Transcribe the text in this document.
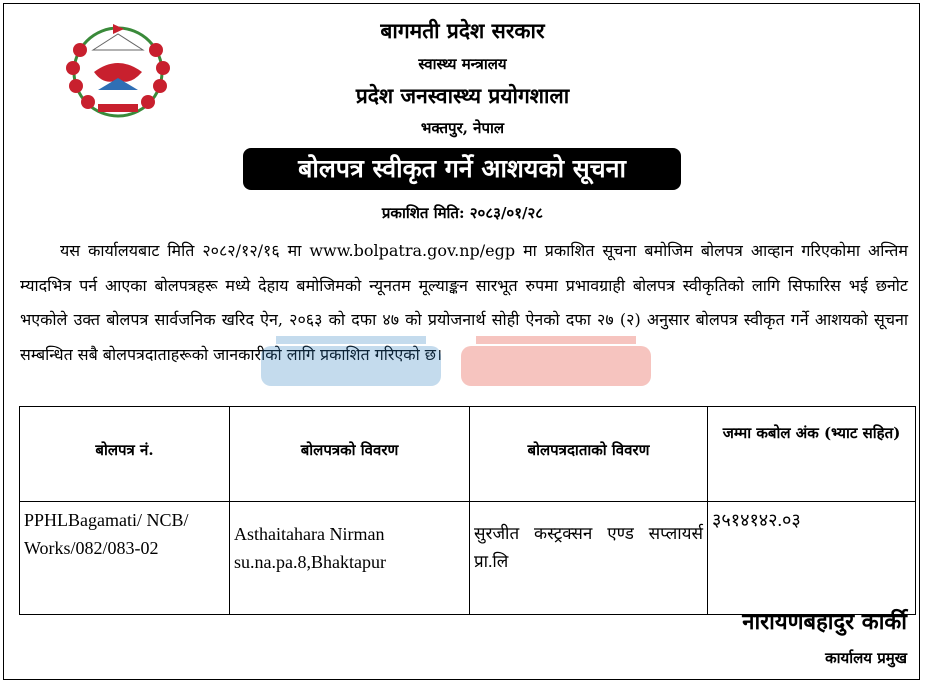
बागमती प्रदेश सरकार
स्वास्थ्य मन्त्रालय
प्रदेश जनस्वास्थ्य प्रयोगशाला
भक्तपुर, नेपाल
बोलपत्र स्वीकृत गर्ने आशयको सूचना
प्रकाशित मिति: २०८३/०१/२८
यस कार्यालयबाट मिति २०८२/१२/१६ मा www.bolpatra.gov.np/egp मा प्रकाशित सूचना बमोजिम बोलपत्र आव्हान गरिएकोमा अन्तिम म्यादभित्र पर्न आएका बोलपत्रहरू मध्ये देहाय बमोजिमको न्यूनतम मूल्याङ्कन सारभूत रुपमा प्रभावग्राही बोलपत्र स्वीकृतिको लागि सिफारिस भई छनोट भएकोले उक्त बोलपत्र सार्वजनिक खरिद ऐन, २०६३ को दफा ४७ को प्रयोजनार्थ सोही ऐनको दफा २७ (२) अनुसार बोलपत्र स्वीकृत गर्ने आशयको सूचना सम्बन्धित सबै बोलपत्रदाताहरूको जानकारीको लागि प्रकाशित गरिएको छ।
बोलपत्र नं.	बोलपत्रको विवरण	बोलपत्रदाताको विवरण	जम्मा कबोल अंक (भ्याट सहित)
PPHLBagamati/ NCB/ Works/082/083-02	Asthaitahara Nirman su.na.pa.8,Bhaktapur	सुरजीत कस्ट्रक्सन एण्ड सप्लायर्स प्रा.लि	३५१४१४२.०३
नारायणबहादुर कार्की
कार्यालय प्रमुख
